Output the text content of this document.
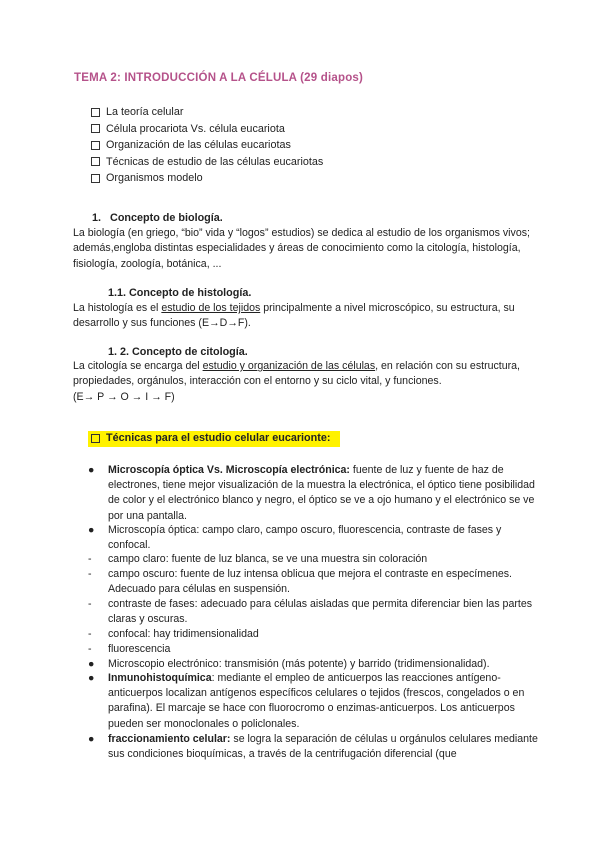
TEMA 2: INTRODUCCIÓN A LA CÉLULA (29 diapos)
La teoría celular
Célula procariota Vs. célula eucariota
Organización de las células eucariotas
Técnicas de estudio de las células eucariotas
Organismos modelo
1. Concepto de biología.
La biología (en griego, “bio” vida y “logos” estudios) se dedica al estudio de los organismos vivos; además,engloba distintas especialidades y áreas de conocimiento como la citología, histología, fisiología, zoología, botánica, ...
1.1. Concepto de histología.
La histología es el estudio de los tejidos principalmente a nivel microscópico, su estructura, su desarrollo y sus funciones (E→D→F).
1. 2. Concepto de citología.
La citología se encarga del estudio y organización de las células, en relación con su estructura, propiedades, orgánulos, interacción con el entorno y su ciclo vital, y funciones.
(E→ P → O → I → F)
Técnicas para el estudio celular eucarionte:
●	Microscopía óptica Vs. Microscopía electrónica: fuente de luz y fuente de haz de electrones, tiene mejor visualización de la muestra la electrónica, el óptico tiene posibilidad de color y el electrónico blanco y negro, el óptico se ve a ojo humano y el electrónico se ve por una pantalla.
●	Microscopía óptica: campo claro, campo oscuro, fluorescencia, contraste de fases y confocal.
-	campo claro: fuente de luz blanca, se ve una muestra sin coloración
-	campo oscuro: fuente de luz intensa oblicua que mejora el contraste en especímenes. Adecuado para células en suspensión.
-	contraste de fases: adecuado para células aisladas que permita diferenciar bien las partes claras y oscuras.
-	confocal: hay tridimensionalidad
-	fluorescencia
●	Microscopio electrónico: transmisión (más potente) y barrido (tridimensionalidad).
●	Inmunohistoquímica: mediante el empleo de anticuerpos las reacciones antígeno-anticuerpos localizan antígenos específicos celulares o tejidos (frescos, congelados o en parafina). El marcaje se hace con fluorocromo o enzimas-anticuerpos. Los anticuerpos pueden ser monoclonales o policlonales.
●	fraccionamiento celular: se logra la separación de células u orgánulos celulares mediante sus condiciones bioquímicas, a través de la centrifugación diferencial (que
